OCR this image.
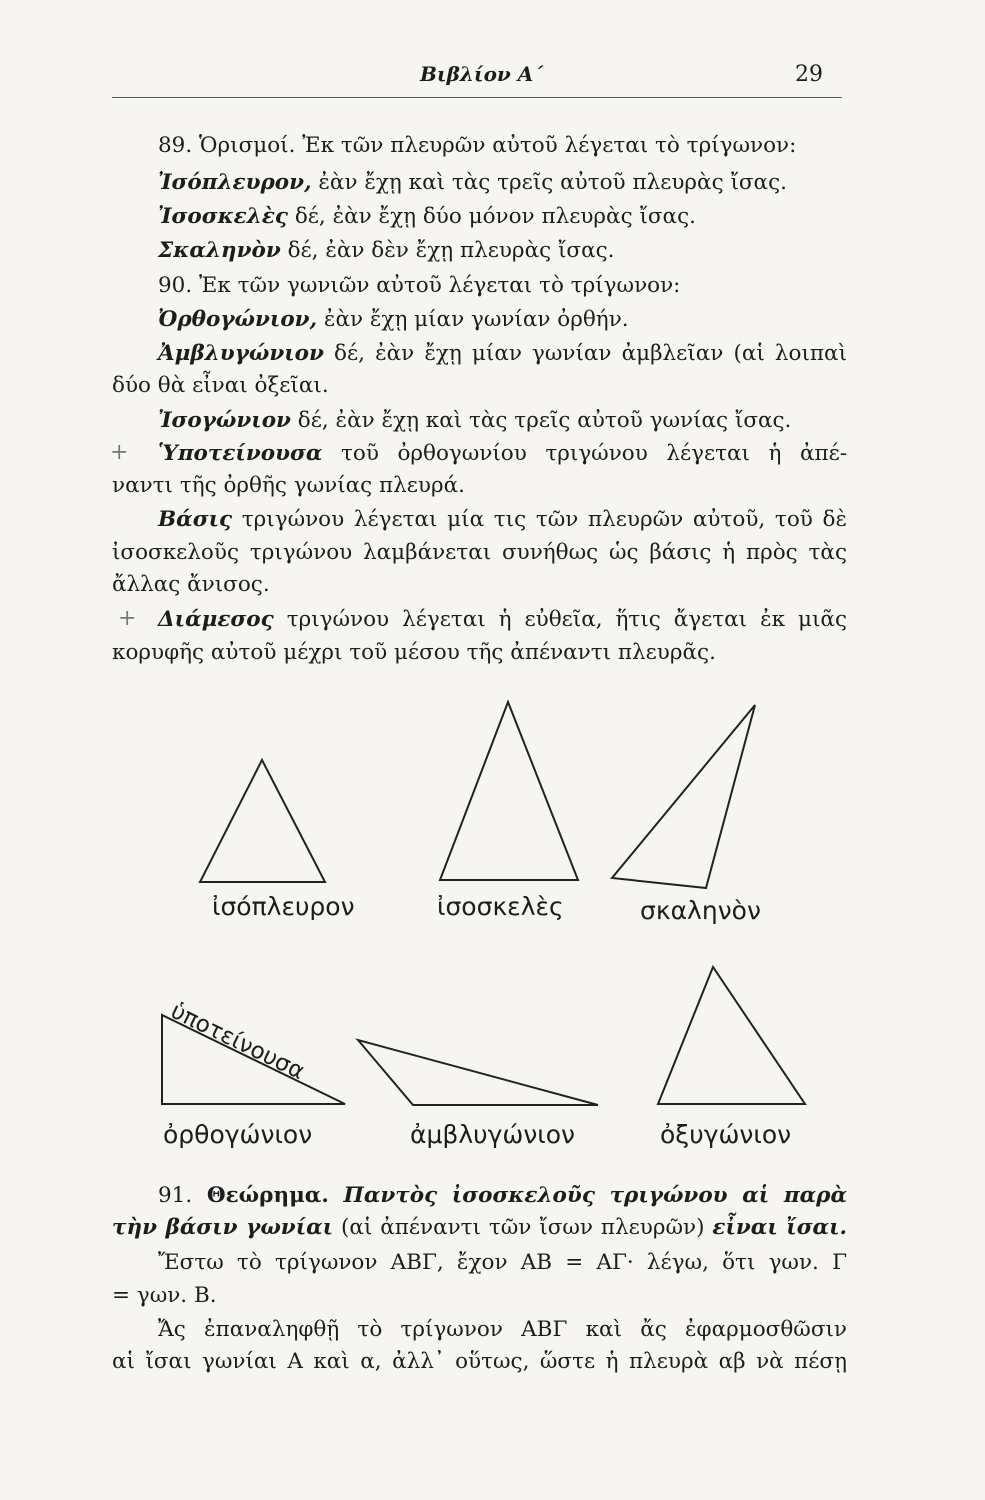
Βιβλίον Α΄	29
89. Ὁρισμοί. Ἐκ τῶν πλευρῶν αὐτοῦ λέγεται τὸ τρίγωνον:
Ἰσόπλευρον, ἐὰν ἔχῃ καὶ τὰς τρεῖς αὐτοῦ πλευρὰς ἴσας.
Ἰσοσκελὲς δέ, ἐὰν ἔχῃ δύο μόνον πλευρὰς ἴσας.
Σκαληνὸν δέ, ἐὰν δὲν ἔχῃ πλευρὰς ἴσας.
90. Ἐκ τῶν γωνιῶν αὐτοῦ λέγεται τὸ τρίγωνον:
Ὀρθογώνιον, ἐὰν ἔχῃ μίαν γωνίαν ὀρθήν.
Ἀμβλυγώνιον δέ, ἐὰν ἔχῃ μίαν γωνίαν ἀμβλεῖαν (αἱ λοιπαὶ
δύο θὰ εἶναι ὀξεῖαι.
Ἰσογώνιον δέ, ἐὰν ἔχῃ καὶ τὰς τρεῖς αὐτοῦ γωνίας ἴσας.
Ὑποτείνουσα τοῦ ὀρθογωνίου τριγώνου λέγεται ἡ ἀπέ-
ναντι τῆς ὀρθῆς γωνίας πλευρά.
Βάσις τριγώνου λέγεται μία τις τῶν πλευρῶν αὐτοῦ, τοῦ δὲ
ἰσοσκελοῦς τριγώνου λαμβάνεται συνήθως ὡς βάσις ἡ πρὸς τὰς
ἄλλας ἄνισος.
Διάμεσος τριγώνου λέγεται ἡ εὐθεῖα, ἥτις ἄγεται ἐκ μιᾶς
κορυφῆς αὐτοῦ μέχρι τοῦ μέσου τῆς ἀπέναντι πλευρᾶς.
+
+
ἰσόπλευρον	ἰσοσκελὲς	σκαληνὸν
ὑποτείνουσα
ὀρθογώνιον	ἀμβλυγώνιον	ὀξυγώνιον
91. Θεώρημα. Παντὸς ἰσοσκελοῦς τριγώνου αἱ παρὰ
τὴν βάσιν γωνίαι (αἱ ἀπέναντι τῶν ἴσων πλευρῶν) εἶναι ἴσαι.
Ἔστω τὸ τρίγωνον ΑΒΓ, ἔχον ΑΒ = ΑΓ· λέγω, ὅτι γων. Γ
= γων. Β.
Ἄς ἐπαναληφθῇ τὸ τρίγωνον ΑΒΓ καὶ ἄς ἐφαρμοσθῶσιν
αἱ ἴσαι γωνίαι Α καὶ α, ἀλλ᾽ οὕτως, ὥστε ἡ πλευρὰ αβ νὰ πέσῃ
